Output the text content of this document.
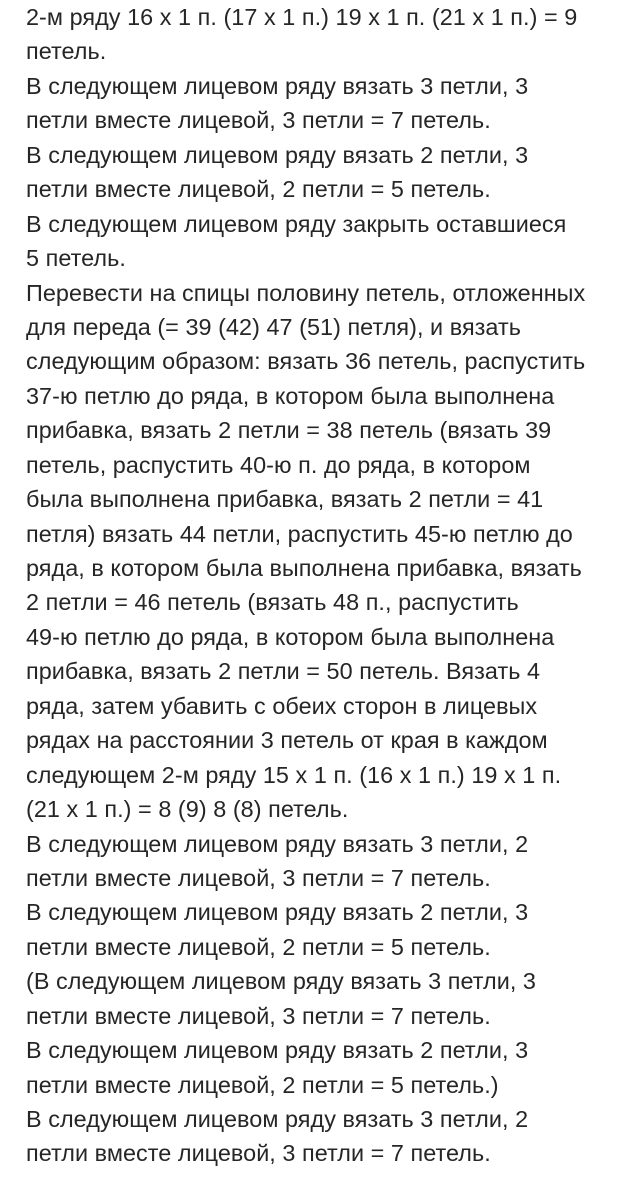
2-м ряду 16 х 1 п. (17 х 1 п.) 19 х 1 п. (21 х 1 п.) = 9
петель.
В следующем лицевом ряду вязать 3 петли, 3
петли вместе лицевой, 3 петли = 7 петель.
В следующем лицевом ряду вязать 2 петли, 3
петли вместе лицевой, 2 петли = 5 петель.
В следующем лицевом ряду закрыть оставшиеся
5 петель.
Перевести на спицы половину петель, отложенных
для переда (= 39 (42) 47 (51) петля), и вязать
следующим образом: вязать 36 петель, распустить
37-ю петлю до ряда, в котором была выполнена
прибавка, вязать 2 петли = 38 петель (вязать 39
петель, распустить 40-ю п. до ряда, в котором
была выполнена прибавка, вязать 2 петли = 41
петля) вязать 44 петли, распустить 45-ю петлю до
ряда, в котором была выполнена прибавка, вязать
2 петли = 46 петель (вязать 48 п., распустить
49-ю петлю до ряда, в котором была выполнена
прибавка, вязать 2 петли = 50 петель. Вязать 4
ряда, затем убавить с обеих сторон в лицевых
рядах на расстоянии 3 петель от края в каждом
следующем 2-м ряду 15 х 1 п. (16 х 1 п.) 19 х 1 п.
(21 х 1 п.) = 8 (9) 8 (8) петель.
В следующем лицевом ряду вязать 3 петли, 2
петли вместе лицевой, 3 петли = 7 петель.
В следующем лицевом ряду вязать 2 петли, 3
петли вместе лицевой, 2 петли = 5 петель.
(В следующем лицевом ряду вязать 3 петли, 3
петли вместе лицевой, 3 петли = 7 петель.
В следующем лицевом ряду вязать 2 петли, 3
петли вместе лицевой, 2 петли = 5 петель.)
В следующем лицевом ряду вязать 3 петли, 2
петли вместе лицевой, 3 петли = 7 петель.
